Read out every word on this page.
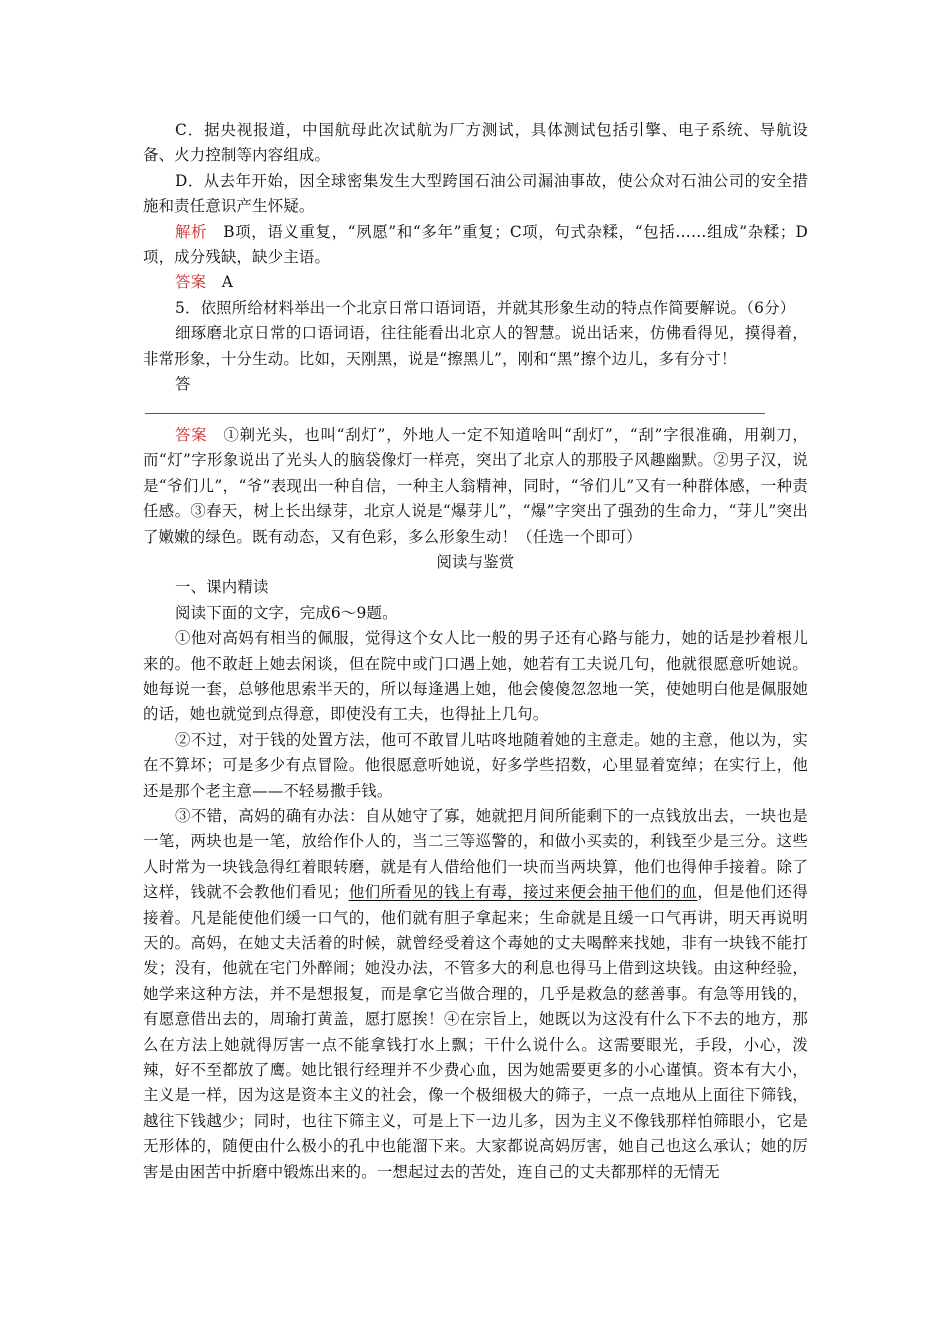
C．据央视报道，中国航母此次试航为厂方测试，具体测试包括引擎、电子系统、导航设备、火力控制等内容组成。

D．从去年开始，因全球密集发生大型跨国石油公司漏油事故，使公众对石油公司的安全措施和责任意识产生怀疑。

解析　B项，语义重复，“夙愿”和“多年”重复；C项，句式杂糅，“包括……组成”杂糅；D项，成分残缺，缺少主语。

答案　A

5．依照所给材料举出一个北京日常口语词语，并就其形象生动的特点作简要解说。（6分）

细琢磨北京日常的口语词语，往往能看出北京人的智慧。说出话来，仿佛看得见，摸得着，非常形象，十分生动。比如，天刚黑，说是“擦黑儿”，刚和“黑”擦个边儿，多有分寸！

答

答案　①剃光头，也叫“刮灯”，外地人一定不知道啥叫“刮灯”，“刮”字很准确，用剃刀，而“灯”字形象说出了光头人的脑袋像灯一样亮，突出了北京人的那股子风趣幽默。②男子汉，说是“爷们儿”，“爷”表现出一种自信，一种主人翁精神，同时，“爷们儿”又有一种群体感，一种责任感。③春天，树上长出绿芽，北京人说是“爆芽儿”，“爆”字突出了强劲的生命力，“芽儿”突出了嫩嫩的绿色。既有动态，又有色彩，多么形象生动！（任选一个即可）

阅读与鉴赏

一、课内精读

阅读下面的文字，完成6～9题。

①他对高妈有相当的佩服，觉得这个女人比一般的男子还有心路与能力，她的话是抄着根儿来的。他不敢赶上她去闲谈，但在院中或门口遇上她，她若有工夫说几句，他就很愿意听她说。她每说一套，总够他思索半天的，所以每逢遇上她，他会傻傻忽忽地一笑，使她明白他是佩服她的话，她也就觉到点得意，即使没有工夫，也得扯上几句。

②不过，对于钱的处置方法，他可不敢冒儿咕咚地随着她的主意走。她的主意，他以为，实在不算坏；可是多少有点冒险。他很愿意听她说，好多学些招数，心里显着宽绰；在实行上，他还是那个老主意——不轻易撒手钱。

③不错，高妈的确有办法：自从她守了寡，她就把月间所能剩下的一点钱放出去，一块也是一笔，两块也是一笔，放给作仆人的，当二三等巡警的，和做小买卖的，利钱至少是三分。这些人时常为一块钱急得红着眼转磨，就是有人借给他们一块而当两块算，他们也得伸手接着。除了这样，钱就不会教他们看见；他们所看见的钱上有毒，接过来便会抽干他们的血，但是他们还得接着。凡是能使他们缓一口气的，他们就有胆子拿起来；生命就是且缓一口气再讲，明天再说明天的。高妈，在她丈夫活着的时候，就曾经受着这个毒她的丈夫喝醉来找她，非有一块钱不能打发；没有，他就在宅门外醉闹；她没办法，不管多大的利息也得马上借到这块钱。由这种经验，她学来这种方法，并不是想报复，而是拿它当做合理的，几乎是救急的慈善事。有急等用钱的，有愿意借出去的，周瑜打黄盖，愿打愿挨！④在宗旨上，她既以为这没有什么下不去的地方，那么在方法上她就得厉害一点不能拿钱打水上飘；干什么说什么。这需要眼光，手段，小心，泼辣，好不至都放了鹰。她比银行经理并不少费心血，因为她需要更多的小心谨慎。资本有大小，主义是一样，因为这是资本主义的社会，像一个极细极大的筛子，一点一点地从上面往下筛钱，越往下钱越少；同时，也往下筛主义，可是上下一边儿多，因为主义不像钱那样怕筛眼小，它是无形体的，随便由什么极小的孔中也能溜下来。大家都说高妈厉害，她自己也这么承认；她的厉害是由困苦中折磨中锻炼出来的。一想起过去的苦处，连自己的丈夫都那样的无情无
